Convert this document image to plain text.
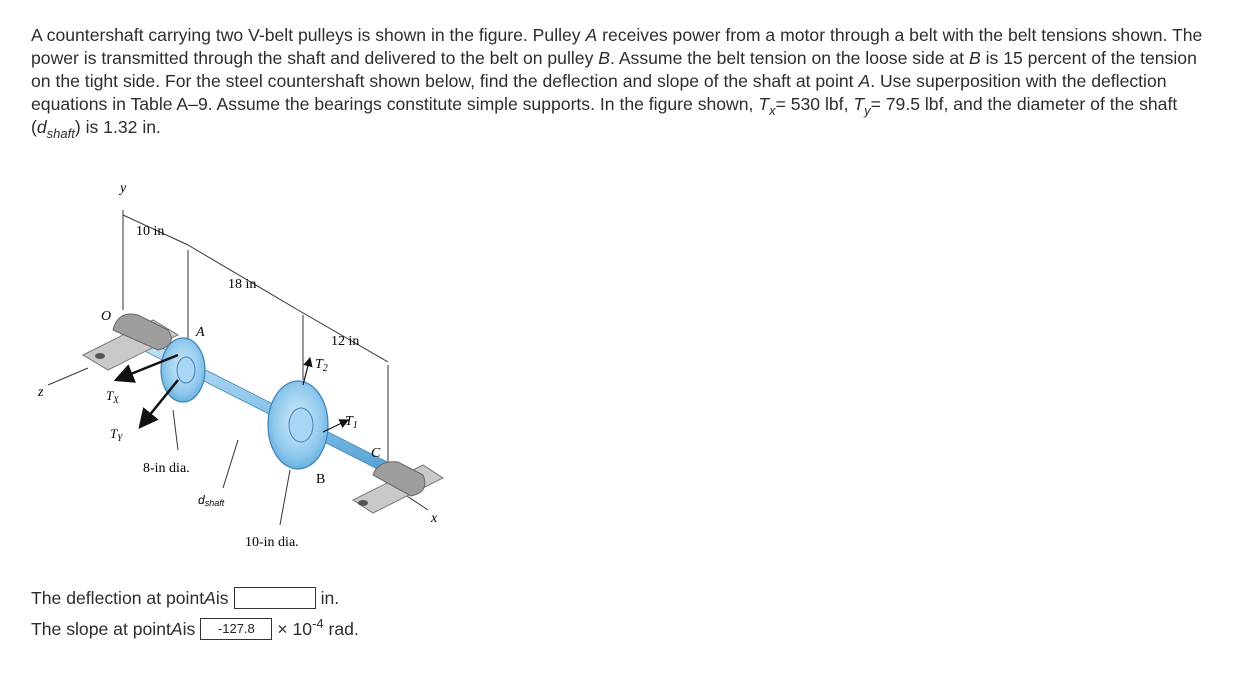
A countershaft carrying two V-belt pulleys is shown in the figure. Pulley A receives power from a motor through a belt with the belt tensions shown. The power is transmitted through the shaft and delivered to the belt on pulley B. Assume the belt tension on the loose side at B is 15 percent of the tension on the tight side. For the steel countershaft shown below, find the deflection and slope of the shaft at point A. Use superposition with the deflection equations in Table A–9. Assume the bearings constitute simple supports. In the figure shown, $T_x= 530$ lbf, $T_y= 79.5$ lbf, and the diameter of the shaft $(d_{shaft})$ is 1.32 in.

y
z
x
O
10 in
18 in
12 in
A
B
C
$T_X$
$T_Y$
$T_2$
$T_1$
8-in dia.
dshaft
10-in dia.
The deflection at point A is	in.
The slope at point A is	-127.8	× $10^{-4}$
rad.
